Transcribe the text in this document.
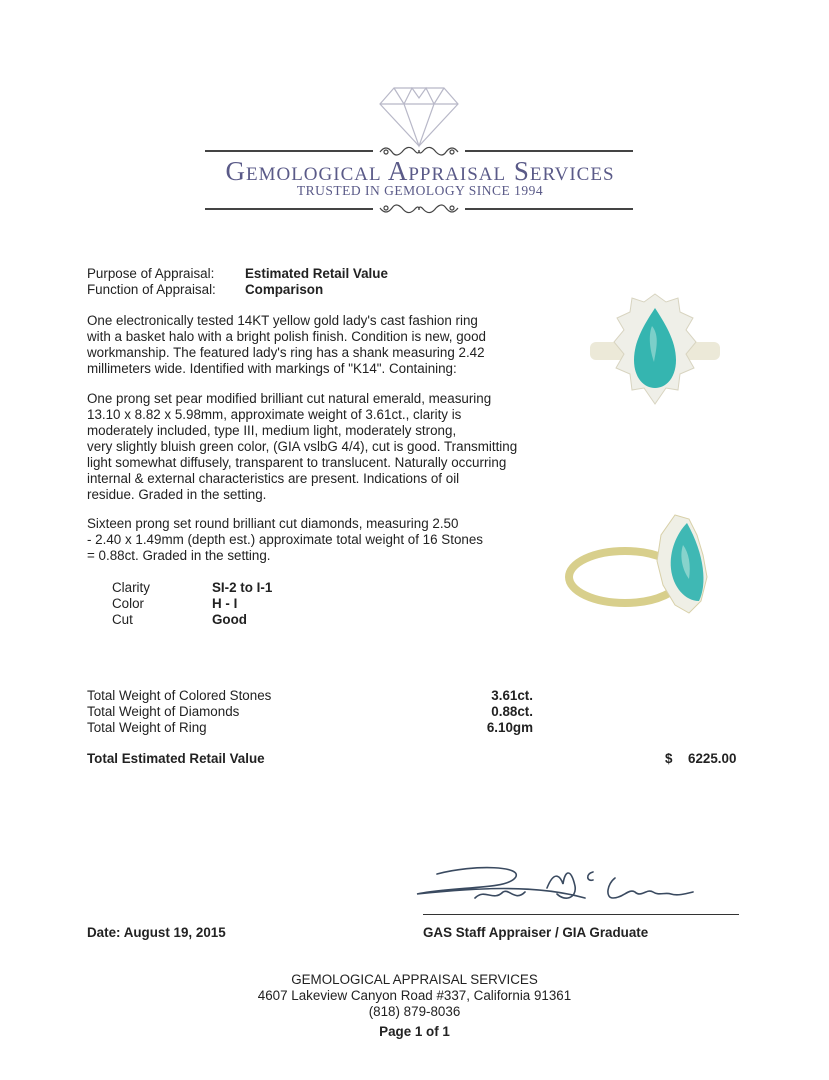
Gemological Appraisal Services
TRUSTED IN GEMOLOGY SINCE 1994
Purpose of Appraisal: Estimated Retail Value
Function of Appraisal: Comparison
One electronically tested 14KT yellow gold lady's cast fashion ring
with a basket halo with a bright polish finish. Condition is new, good
workmanship. The featured lady's ring has a shank measuring 2.42
millimeters wide. Identified with markings of "K14". Containing:
One prong set pear modified brilliant cut natural emerald, measuring
13.10 x 8.82 x 5.98mm, approximate weight of 3.61ct., clarity is
moderately included, type III, medium light, moderately strong,
very slightly bluish green color, (GIA vslbG 4/4), cut is good. Transmitting
light somewhat diffusely, transparent to translucent. Naturally occurring
internal & external characteristics are present. Indications of oil
residue. Graded in the setting.
Sixteen prong set round brilliant cut diamonds, measuring 2.50
- 2.40 x 1.49mm (depth est.) approximate total weight of 16 Stones
= 0.88ct. Graded in the setting.
Clarity	SI-2 to I-1
Color	H - I
Cut	Good
Total Weight of Colored Stones	3.61ct.
Total Weight of Diamonds	0.88ct.
Total Weight of Ring	6.10gm
Total Estimated Retail Value	$ 6225.00
GAS Staff Appraiser / GIA Graduate
Date: August 19, 2015
GEMOLOGICAL APPRAISAL SERVICES
4607 Lakeview Canyon Road #337, California 91361
(818) 879-8036
Page 1 of 1
